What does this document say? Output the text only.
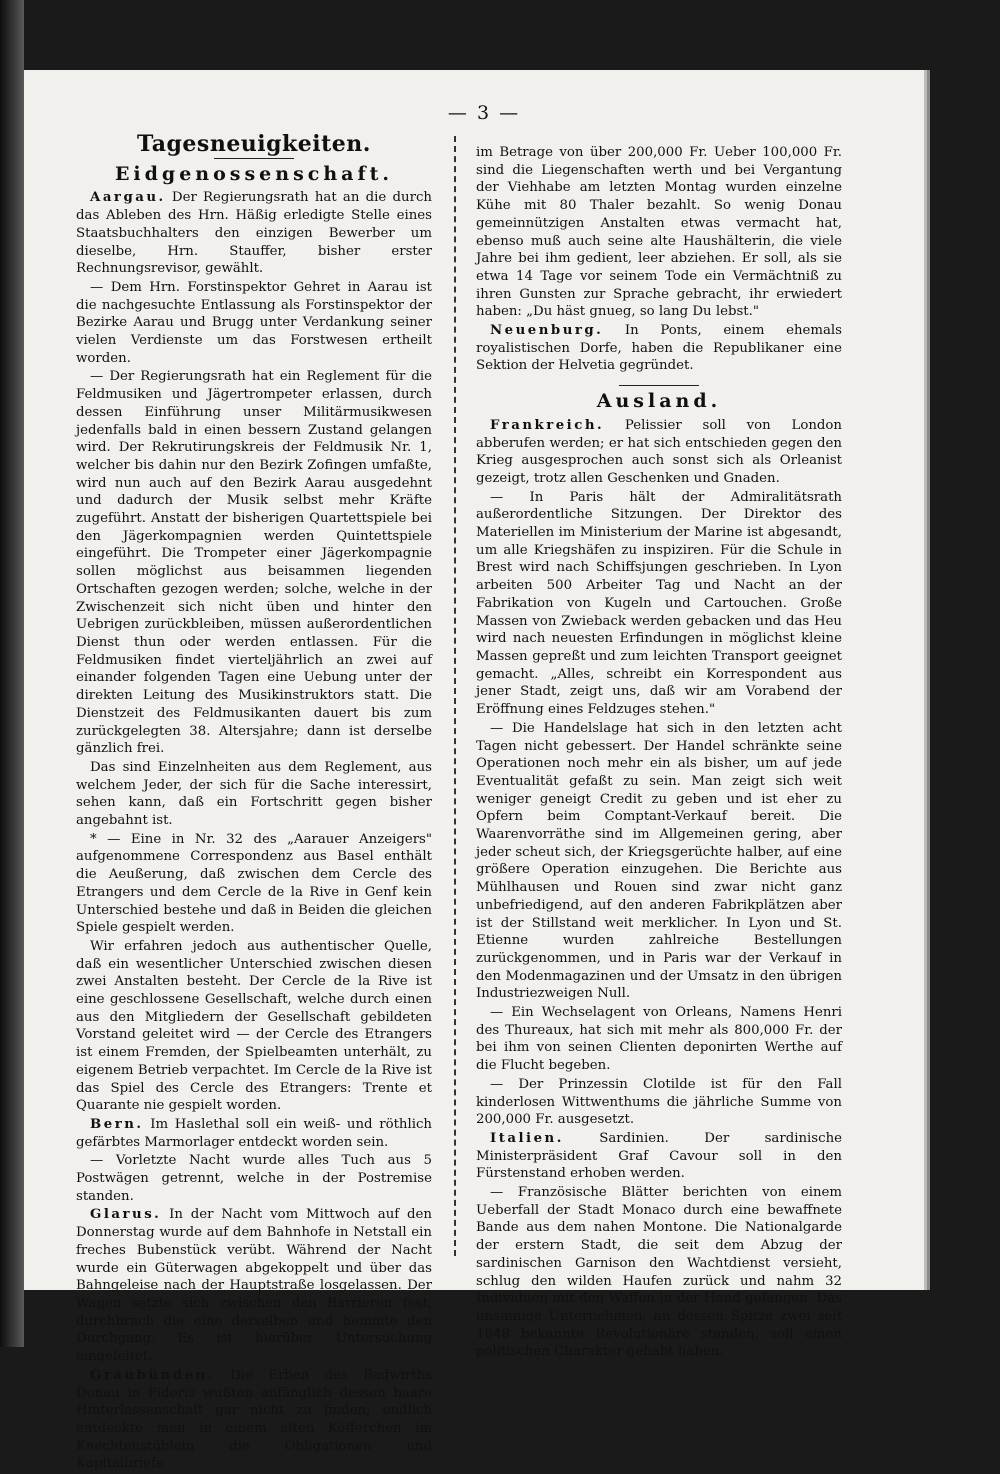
— 3 —
Tagesneuigkeiten.
Eidgenossenschaft.

Aargau. Der Regierungsrath hat an die durch das Ableben des Hrn. Häßig erledigte Stelle eines Staatsbuchhalters den einzigen Bewerber um dieselbe, Hrn. Stauffer, bisher erster Rechnungsrevisor, gewählt.

— Dem Hrn. Forstinspektor Gehret in Aarau ist die nachgesuchte Entlassung als Forstinspektor der Bezirke Aarau und Brugg unter Verdankung seiner vielen Verdienste um das Forstwesen ertheilt worden.

— Der Regierungsrath hat ein Reglement für die Feldmusiken und Jägertrompeter erlassen, durch dessen Einführung unser Militärmusikwesen jedenfalls bald in einen bessern Zustand gelangen wird. Der Rekrutirungskreis der Feldmusik Nr. 1, welcher bis dahin nur den Bezirk Zofingen umfaßte, wird nun auch auf den Bezirk Aarau ausgedehnt und dadurch der Musik selbst mehr Kräfte zugeführt. Anstatt der bisherigen Quartettspiele bei den Jägerkompagnien werden Quintettspiele eingeführt. Die Trompeter einer Jägerkompagnie sollen möglichst aus beisammen liegenden Ortschaften gezogen werden; solche, welche in der Zwischenzeit sich nicht üben und hinter den Uebrigen zurückbleiben, müssen außerordentlichen Dienst thun oder werden entlassen. Für die Feldmusiken findet vierteljährlich an zwei auf einander folgenden Tagen eine Uebung unter der direkten Leitung des Musikinstruktors statt. Die Dienstzeit des Feldmusikanten dauert bis zum zurückgelegten 38. Altersjahre; dann ist derselbe gänzlich frei.

Das sind Einzelnheiten aus dem Reglement, aus welchem Jeder, der sich für die Sache interessirt, sehen kann, daß ein Fortschritt gegen bisher angebahnt ist.

* — Eine in Nr. 32 des „Aarauer Anzeigers" aufgenommene Correspondenz aus Basel enthält die Aeußerung, daß zwischen dem Cercle des Etrangers und dem Cercle de la Rive in Genf kein Unterschied bestehe und daß in Beiden die gleichen Spiele gespielt werden.

Wir erfahren jedoch aus authentischer Quelle, daß ein wesentlicher Unterschied zwischen diesen zwei Anstalten besteht. Der Cercle de la Rive ist eine geschlossene Gesellschaft, welche durch einen aus den Mitgliedern der Gesellschaft gebildeten Vorstand geleitet wird — der Cercle des Etrangers ist einem Fremden, der Spielbeamten unterhält, zu eigenem Betrieb verpachtet. Im Cercle de la Rive ist das Spiel des Cercle des Etrangers: Trente et Quarante nie gespielt worden.

Bern. Im Haslethal soll ein weiß- und röthlich gefärbtes Marmorlager entdeckt worden sein.

— Vorletzte Nacht wurde alles Tuch aus 5 Postwägen getrennt, welche in der Postremise standen.

Glarus. In der Nacht vom Mittwoch auf den Donnerstag wurde auf dem Bahnhofe in Netstall ein freches Bubenstück verübt. Während der Nacht wurde ein Güterwagen abgekoppelt und über das Bahngeleise nach der Hauptstraße losgelassen. Der Wagen setzte sich zwischen den Barrieren fest, durchbrach die eine derselben und hemmte den Durchgang. Es ist hierüber Untersuchung eingeleitet.

Graubünden. Die Erben des Badwirths Donau in Fideris wußten anfänglich dessen baare Hinterlassenschaft gar nicht zu finden; endlich entdeckte man in einem alten Köfferchen im Knechtenstüblein die Obligationen und Kapitalbriefe

im Betrage von über 200,000 Fr. Ueber 100,000 Fr. sind die Liegenschaften werth und bei Vergantung der Viehhabe am letzten Montag wurden einzelne Kühe mit 80 Thaler bezahlt. So wenig Donau gemeinnützigen Anstalten etwas vermacht hat, ebenso muß auch seine alte Haushälterin, die viele Jahre bei ihm gedient, leer abziehen. Er soll, als sie etwa 14 Tage vor seinem Tode ein Vermächtniß zu ihren Gunsten zur Sprache gebracht, ihr erwiedert haben: „Du häst gnueg, so lang Du lebst."

Neuenburg. In Ponts, einem ehemals royalistischen Dorfe, haben die Republikaner eine Sektion der Helvetia gegründet.

Ausland.

Frankreich. Pelissier soll von London abberufen werden; er hat sich entschieden gegen den Krieg ausgesprochen auch sonst sich als Orleanist gezeigt, trotz allen Geschenken und Gnaden.

— In Paris hält der Admiralitätsrath außerordentliche Sitzungen. Der Direktor des Materiellen im Ministerium der Marine ist abgesandt, um alle Kriegshäfen zu inspiziren. Für die Schule in Brest wird nach Schiffsjungen geschrieben. In Lyon arbeiten 500 Arbeiter Tag und Nacht an der Fabrikation von Kugeln und Cartouchen. Große Massen von Zwieback werden gebacken und das Heu wird nach neuesten Erfindungen in möglichst kleine Massen gepreßt und zum leichten Transport geeignet gemacht. „Alles, schreibt ein Korrespondent aus jener Stadt, zeigt uns, daß wir am Vorabend der Eröffnung eines Feldzuges stehen."

— Die Handelslage hat sich in den letzten acht Tagen nicht gebessert. Der Handel schränkte seine Operationen noch mehr ein als bisher, um auf jede Eventualität gefaßt zu sein. Man zeigt sich weit weniger geneigt Credit zu geben und ist eher zu Opfern beim Comptant-Verkauf bereit. Die Waarenvorräthe sind im Allgemeinen gering, aber jeder scheut sich, der Kriegsgerüchte halber, auf eine größere Operation einzugehen. Die Berichte aus Mühlhausen und Rouen sind zwar nicht ganz unbefriedigend, auf den anderen Fabrikplätzen aber ist der Stillstand weit merklicher. In Lyon und St. Etienne wurden zahlreiche Bestellungen zurückgenommen, und in Paris war der Verkauf in den Modenmagazinen und der Umsatz in den übrigen Industriezweigen Null.

— Ein Wechselagent von Orleans, Namens Henri des Thureaux, hat sich mit mehr als 800,000 Fr. der bei ihm von seinen Clienten deponirten Werthe auf die Flucht begeben.

— Der Prinzessin Clotilde ist für den Fall kinderlosen Wittwenthums die jährliche Summe von 200,000 Fr. ausgesetzt.

Italien. Sardinien. Der sardinische Ministerpräsident Graf Cavour soll in den Fürstenstand erhoben werden.

— Französische Blätter berichten von einem Ueberfall der Stadt Monaco durch eine bewaffnete Bande aus dem nahen Montone. Die Nationalgarde der erstern Stadt, die seit dem Abzug der sardinischen Garnison den Wachtdienst versieht, schlug den wilden Haufen zurück und nahm 32 Individuen mit den Waffen in der Hand gefangen. Das unsinnige Unternehmen, an dessen Spitze zwei seit 1848 bekannte Revolutionäre standen, soll einen politischen Charakter gehabt haben.
